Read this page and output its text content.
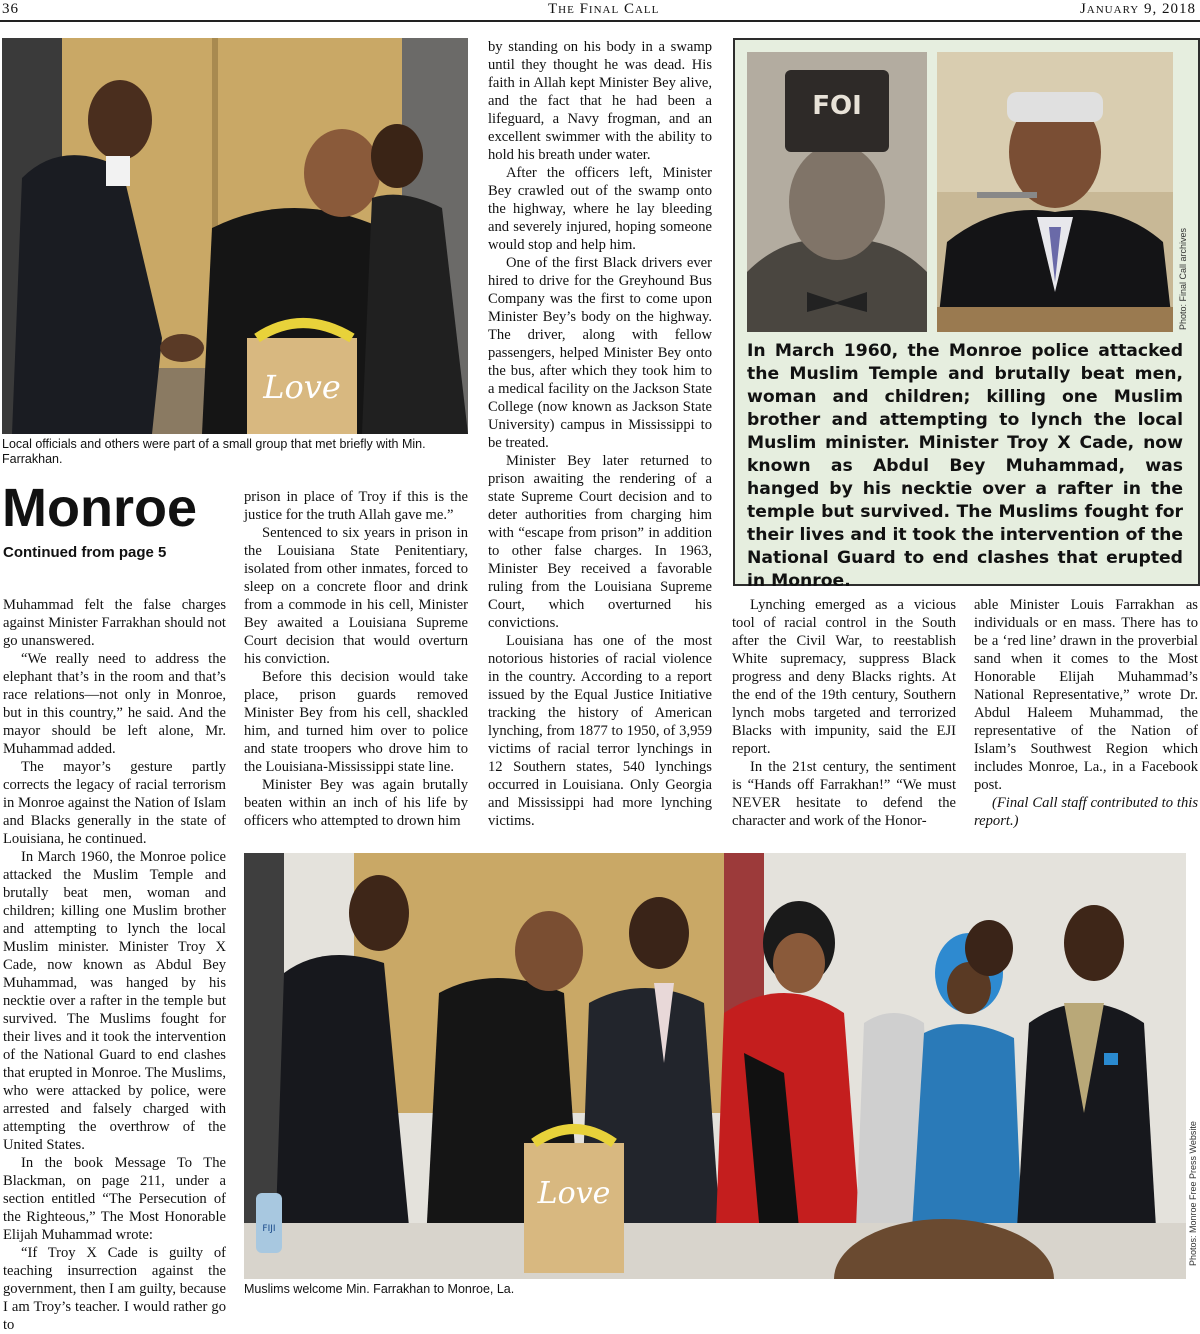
36	The Final Call	January 9, 2018
Love
Local officials and others were part of a small group that met briefly with Min. Farrakhan.
Monroe
Continued from page 5

Muhammad felt the false charges against Minister Farrakhan should not go unanswered.

“We really need to address the elephant that’s in the room and that’s race relations—not only in Monroe, but in this country,” he said. And the mayor should be left alone, Mr. Muhammad added.

The mayor’s gesture partly corrects the legacy of racial terrorism in Monroe against the Nation of Islam and Blacks generally in the state of Louisiana, he continued.

In March 1960, the Monroe police attacked the Muslim Temple and brutally beat men, woman and children; killing one Muslim brother and attempting to lynch the local Muslim minister. Minister Troy X Cade, now known as Abdul Bey Muhammad, was hanged by his necktie over a rafter in the temple but survived. The Muslims fought for their lives and it took the intervention of the National Guard to end clashes that erupted in Monroe. The Muslims, who were attacked by police, were arrested and falsely charged with attempting the overthrow of the United States.

In the book Message To The Blackman, on page 211, under a section entitled “The Persecution of the Righteous,” The Most Honorable Elijah Muhammad wrote:

“If Troy X Cade is guilty of teaching insurrection against the government, then I am guilty, because I am Troy’s teacher. I would rather go to

prison in place of Troy if this is the justice for the truth Allah gave me.”

Sentenced to six years in prison in the Louisiana State Penitentiary, isolated from other inmates, forced to sleep on a concrete floor and drink from a commode in his cell, Minister Bey awaited a Louisiana Supreme Court decision that would overturn his conviction.

Before this decision would take place, prison guards removed Minister Bey from his cell, shackled him, and turned him over to police and state troopers who drove him to the Louisiana-Mississippi state line.

Minister Bey was again brutally beaten within an inch of his life by officers who attempted to drown him

by standing on his body in a swamp until they thought he was dead. His faith in Allah kept Minister Bey alive, and the fact that he had been a lifeguard, a Navy frogman, and an excellent swimmer with the ability to hold his breath under water.

After the officers left, Minister Bey crawled out of the swamp onto the highway, where he lay bleeding and severely injured, hoping someone would stop and help him.

One of the first Black drivers ever hired to drive for the Greyhound Bus Company was the first to come upon Minister Bey’s body on the highway. The driver, along with fellow passengers, helped Minister Bey onto the bus, after which they took him to a medical facility on the Jackson State College (now known as Jackson State University) campus in Mississippi to be treated.

Minister Bey later returned to prison awaiting the rendering of a state Supreme Court decision and to deter authorities from charging him with “escape from prison” in addition to other false charges. In 1963, Minister Bey received a favorable ruling from the Louisiana Supreme Court, which overturned his convictions.

Louisiana has one of the most notorious histories of racial violence in the country. According to a report issued by the Equal Justice Initiative tracking the history of American lynching, from 1877 to 1950, of 3,959 victims of racial terror lynchings in 12 Southern states, 540 lynchings occurred in Louisiana. Only Georgia and Mississippi had more lynching victims.

FOI
Photo: Final Call archives
In March 1960, the Monroe police attacked the Muslim Temple and brutally beat men, woman and children; killing one Muslim brother and attempting to lynch the local Muslim minister. Minister Troy X Cade, now known as Abdul Bey Muhammad, was hanged by his necktie over a rafter in the temple but survived. The Muslims fought for their lives and it took the intervention of the National Guard to end clashes that erupted in Monroe.

Lynching emerged as a vicious tool of racial control in the South after the Civil War, to reestablish White supremacy, suppress Black progress and deny Blacks rights. At the end of the 19th century, Southern lynch mobs targeted and terrorized Blacks with impunity, said the EJI report.

In the 21st century, the sentiment is “Hands off Farrakhan!” “We must NEVER hesitate to defend the character and work of the Honor-

able Minister Louis Farrakhan as individuals or en mass. There has to be a ‘red line’ drawn in the proverbial sand when it comes to the Most Honorable Elijah Muhammad’s National Representative,” wrote Dr. Abdul Haleem Muhammad, the representative of the Nation of Islam’s Southwest Region which includes Monroe, La., in a Facebook post.

(Final Call staff contributed to this report.)

FIJI
Love	Photos: Monroe Free Press Website
Muslims welcome Min. Farrakhan to Monroe, La.
